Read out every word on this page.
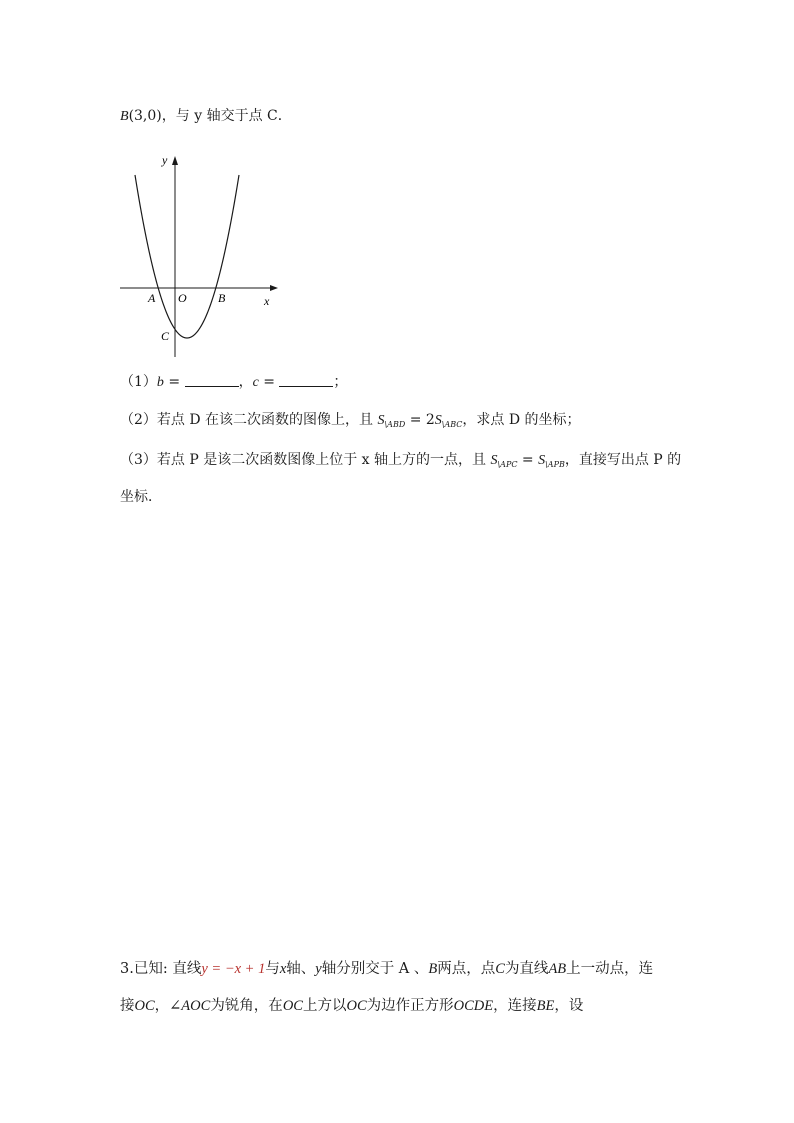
B(3,0)，与 y 轴交于点 C．
y
x
A O	B
C
（1）b =	，c =	；
（2）若点 D 在该二次函数的图像上，且 $S_{\backslash ABD} = 2S_{\backslash ABC}$，求点 D 的坐标；
（3）若点 P 是该二次函数图像上位于 x 轴上方的一点，且 $S_{\backslash APC} = S_{\backslash APB}$，直接写出点 P 的
坐标．
3.已知: 直线y = −x + 1与x轴、y轴分别交于 A 、B两点，点C为直线AB上一动点，连
接OC，∠AOC为锐角，在OC上方以OC为边作正方形OCDE，连接BE，设
